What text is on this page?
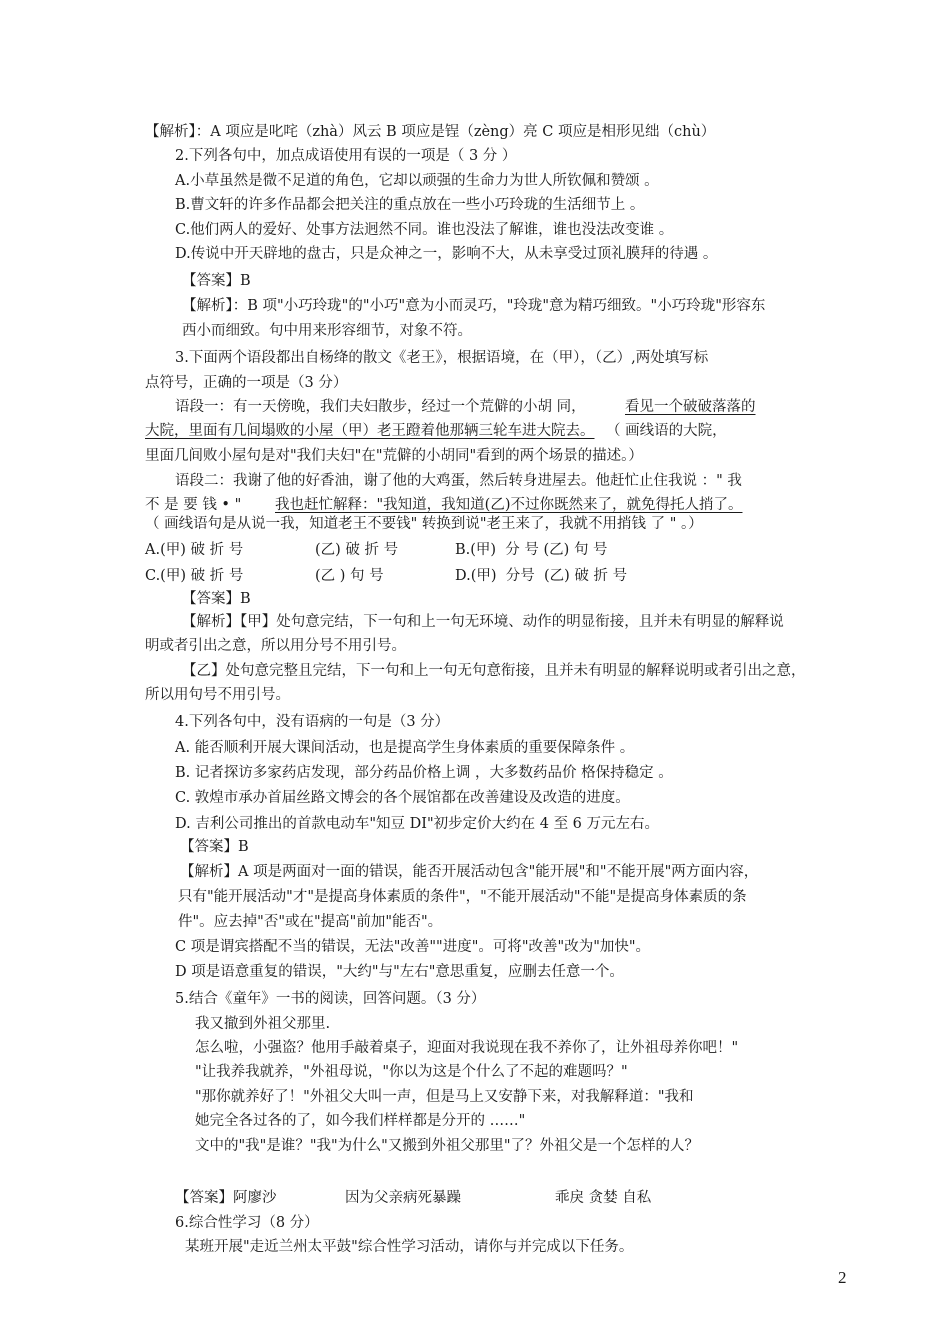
【解析】：A 项应是叱咤（zhà）风云 B 项应是锃（zèng）亮 C 项应是相形见绌（chù）
2.下列各句中，加点成语使用有误的一项是（ 3 分 ）
A.小草虽然是微不足道的角色，它却以顽强的生命力为世人所钦佩和赞颂 。
B.曹文轩的许多作品都会把关注的重点放在一些小巧玲珑的生活细节上 。
C.他们两人的爱好、处事方法迥然不同。谁也没法了解谁，谁也没法改变谁 。
D.传说中开天辟地的盘古，只是众神之一，影响不大，从未享受过顶礼膜拜的待遇 。
【答案】B
【解析】：B 项"小巧玲珑"的"小巧"意为小而灵巧，"玲珑"意为精巧细致。"小巧玲珑"形容东
西小而细致。句中用来形容细节，对象不符。
3.下面两个语段都出自杨绛的散文《老王》，根据语境，在（甲），（乙）,两处填写标
点符号，正确的一项是（3 分）
语段一：有一天傍晚，我们夫妇散步，经过一个荒僻的小胡 同，	看见一个破破落落的
大院，里面有几间塌败的小屋（甲）老王蹬着他那辆三轮车进大院去。 （ 画线语的大院，
里面几间败小屋句是对"我们夫妇"在"荒僻的小胡同"看到的两个场景的描述。）
语段二：我谢了他的好香油，谢了他的大鸡蛋，然后转身进屋去。他赶忙止住我说 ：" 我
不 是 要 钱 • " 我也赶忙解释："我知道，我知道(乙)不过你既然来了，就免得托人捎了。
（ 画线语句是从说一我，知道老王不要钱" 转换到说"老王来了，我就不用捎钱 了 " 。）
A.(甲) 破 折 号	(乙) 破 折 号	B.(甲)  分 号 (乙) 句 号
C.(甲) 破 折 号	(乙 ) 句 号	D.(甲)  分号  (乙) 破 折 号
【答案】B
【解析】【甲】处句意完结，下一句和上一句无环境、动作的明显衔接，且并未有明显的解释说
明或者引出之意，所以用分号不用引号。
【乙】处句意完整且完结，下一句和上一句无句意衔接，且并未有明显的解释说明或者引出之意，
所以用句号不用引号。
4.下列各句中，没有语病的一句是（3 分）
A. 能否顺利开展大课间活动，也是提高学生身体素质的重要保障条件 。
B. 记者探访多家药店发现，部分药品价格上调 ，大多数药品价 格保持稳定 。
C. 敦煌市承办首届丝路文博会的各个展馆都在改善建设及改造的进度。
D. 吉利公司推出的首款电动车"知豆 DI"初步定价大约在 4 至 6 万元左右。
【答案】B
【解析】A 项是两面对一面的错误，能否开展活动包含"能开展"和"不能开展"两方面内容，
只有"能开展活动"才"是提高身体素质的条件"，"不能开展活动"不能"是提高身体素质的条
件"。应去掉"否"或在"提高"前加"能否"。
C 项是谓宾搭配不当的错误，无法"改善""进度"。可将"改善"改为"加快"。
D 项是语意重复的错误，"大约"与"左右"意思重复，应删去任意一个。
5.结合《童年》一书的阅读，回答问题。（3 分）
我又撤到外祖父那里.
怎么啦，小强盗？他用手敲着桌子，迎面对我说现在我不养你了，让外祖母养你吧！"
"让我养我就养，"外祖母说，"你以为这是个什么了不起的难题吗？"
"那你就养好了！"外祖父大叫一声，但是马上又安静下来，对我解释道："我和
她完全各过各的了，如今我们样样都是分开的 ……"
文中的"我"是谁？"我"为什么"又搬到外祖父那里"了？外祖父是一个怎样的人？
【答案】阿廖沙	因为父亲病死暴躁	乖戾 贪婪 自私
6.综合性学习（8 分）
某班开展"走近兰州太平鼓"综合性学习活动，请你与并完成以下任务。
2
